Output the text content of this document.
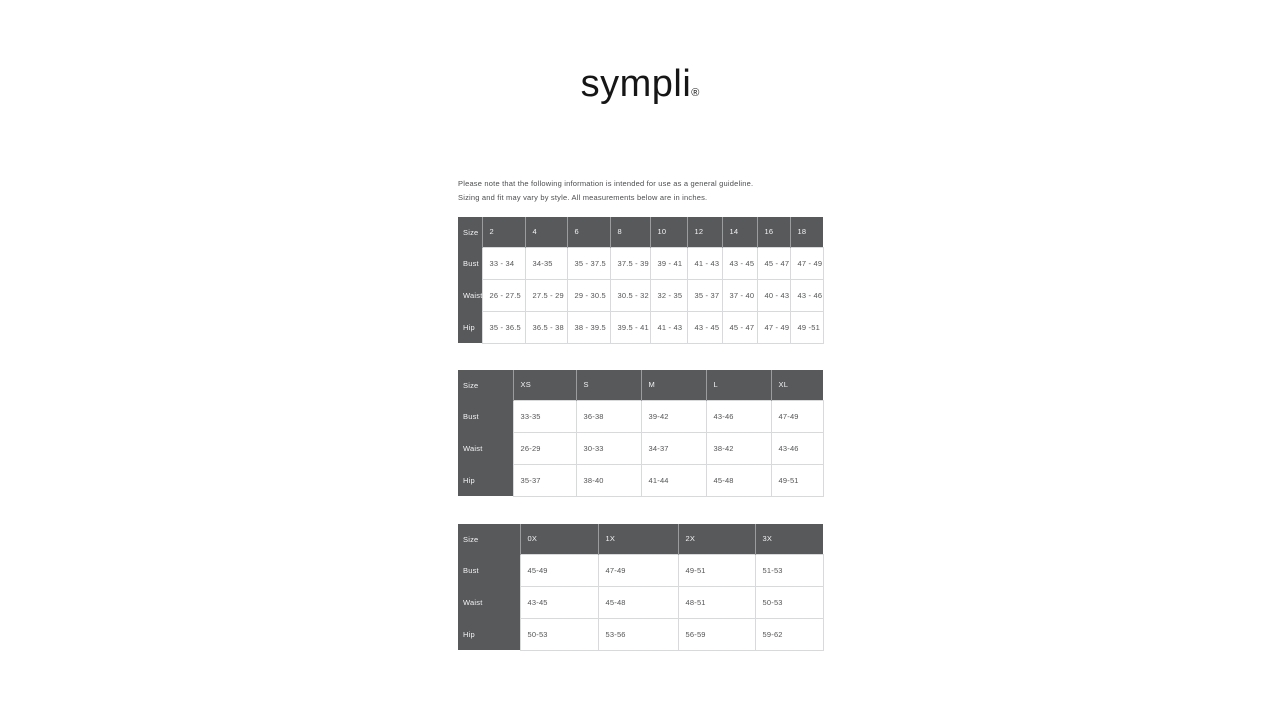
sympli®
Please note that the following information is intended for use as a general guideline.
Sizing and fit may vary by style. All measurements below are in inches.
Size	2	4	6	8	10	12	14	16	18
Bust	33 - 34	34-35	35 - 37.5	37.5 - 39	39 - 41	41 - 43	43 - 45	45 - 47	47 - 49
Waist	26 - 27.5	27.5 - 29	29 - 30.5	30.5 - 32	32 - 35	35 - 37	37 - 40	40 - 43	43 - 46
Hip	35 - 36.5	36.5 - 38	38 - 39.5	39.5 - 41	41 - 43	43 - 45	45 - 47	47 - 49	49 -51
Size	XS	S	M	L	XL
Bust	33-35	36-38	39-42	43-46	47-49
Waist	26-29	30-33	34-37	38-42	43-46
Hip	35-37	38-40	41-44	45-48	49-51
Size	0X	1X	2X	3X
Bust	45-49	47-49	49-51	51-53
Waist	43-45	45-48	48-51	50-53
Hip	50-53	53-56	56-59	59-62
